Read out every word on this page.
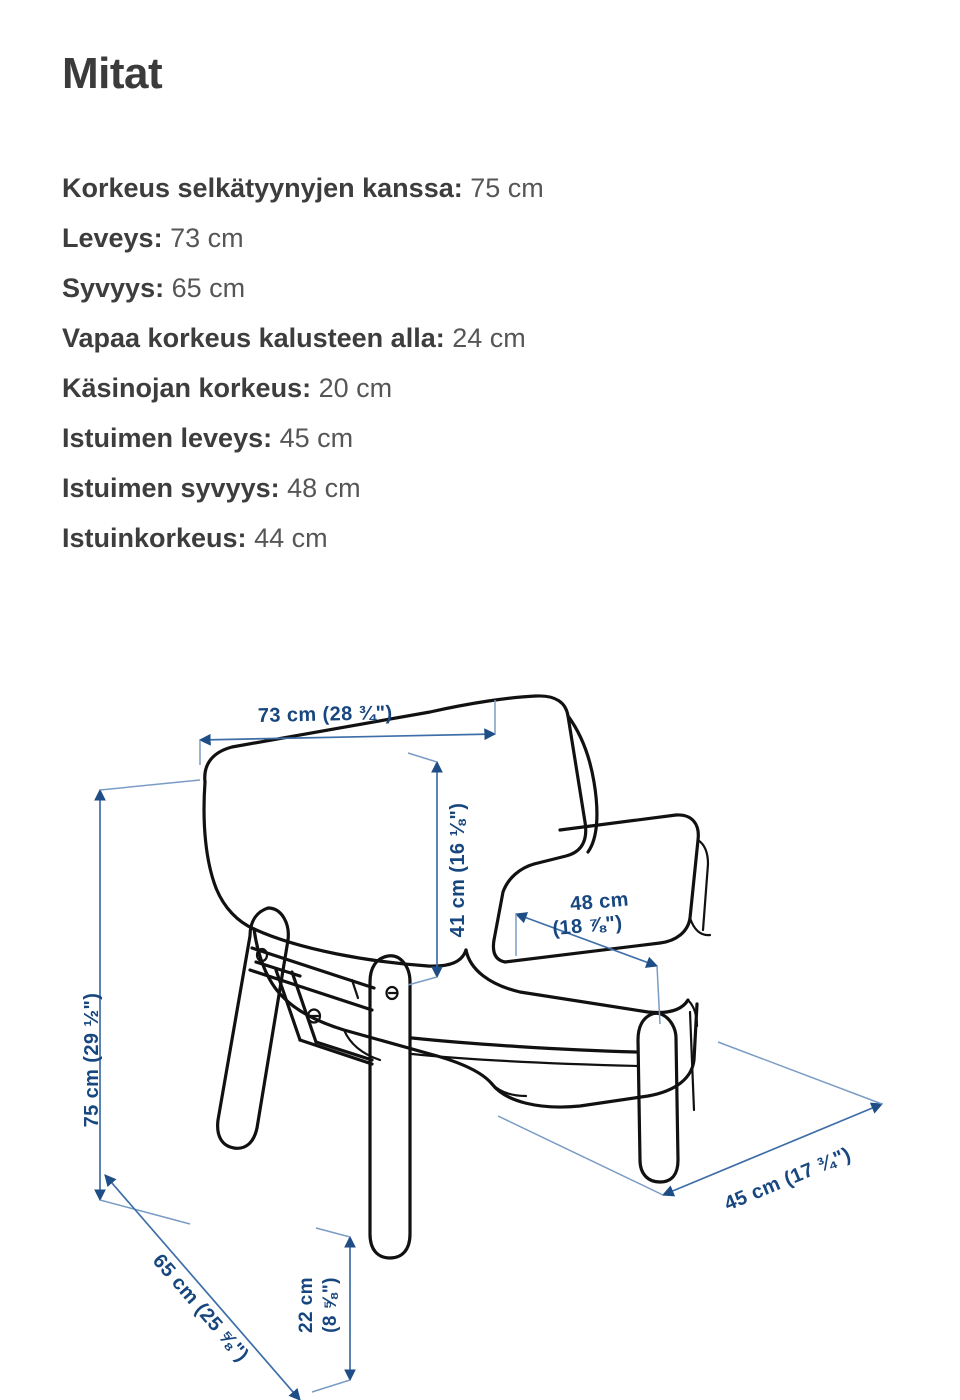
Mitat
Korkeus selkätyynyjen kanssa: 75 cm
Leveys: 73 cm
Syvyys: 65 cm
Vapaa korkeus kalusteen alla: 24 cm
Käsinojan korkeus: 20 cm
Istuimen leveys: 45 cm
Istuimen syvyys: 48 cm
Istuinkorkeus: 44 cm
73 cm (28 ¾")
75 cm (29 ½")
41 cm (16 ⅛")	48 cm
(18 ⅞")
45 cm (17 ¾")
65 cm (25 ⅝") 22 cm (8 ⅝")
